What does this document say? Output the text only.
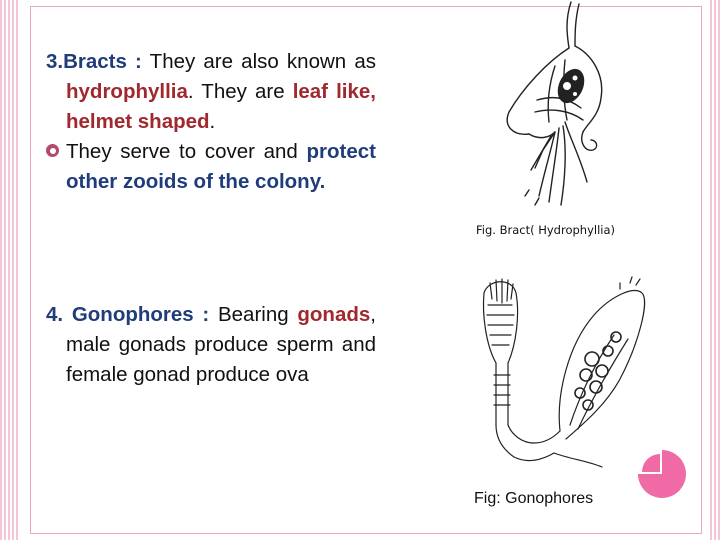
3.Bracts : They are also known as hydrophyllia. They are leaf like, helmet shaped.

They serve to cover and protect other zooids of the colony.

4. Gonophores : Bearing gonads, male gonads produce sperm and female gonad produce ova

Fig. Bract( Hydrophyllia)
Fig: Gonophores
